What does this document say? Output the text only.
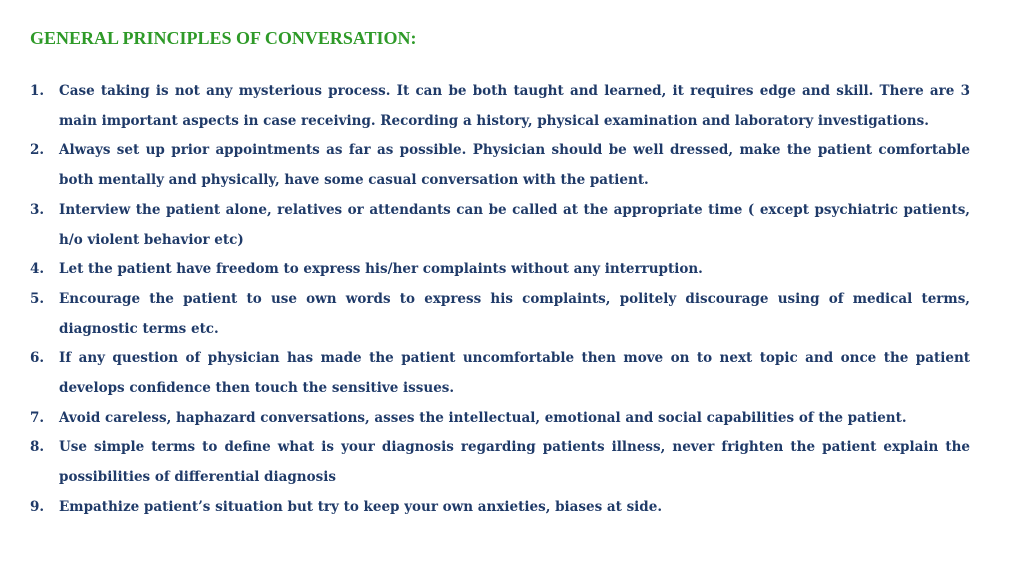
GENERAL PRINCIPLES OF CONVERSATION:
1.	Case taking is not any mysterious process. It can be both taught and learned, it requires edge and skill. There are 3 main important aspects in case receiving. Recording a history, physical examination and laboratory investigations.
2.	Always set up prior appointments as far as possible. Physician should be well dressed, make the patient comfortable both mentally and physically, have some casual conversation with the patient.
3.	Interview the patient alone, relatives or attendants can be called at the appropriate time ( except psychiatric patients, h/o violent behavior etc)
4.	Let the patient have freedom to express his/her complaints without any interruption.
5.	Encourage the patient to use own words to express his complaints, politely discourage using of medical terms, diagnostic terms etc.
6.	If any question of physician has made the patient uncomfortable then move on to next topic and once the patient develops confidence then touch the sensitive issues.
7.	Avoid careless, haphazard conversations, asses the intellectual, emotional and social capabilities of the patient.
8.	Use simple terms to define what is your diagnosis regarding patients illness, never frighten the patient explain the possibilities of differential diagnosis
9.	Empathize patient’s situation but try to keep your own anxieties, biases at side.
